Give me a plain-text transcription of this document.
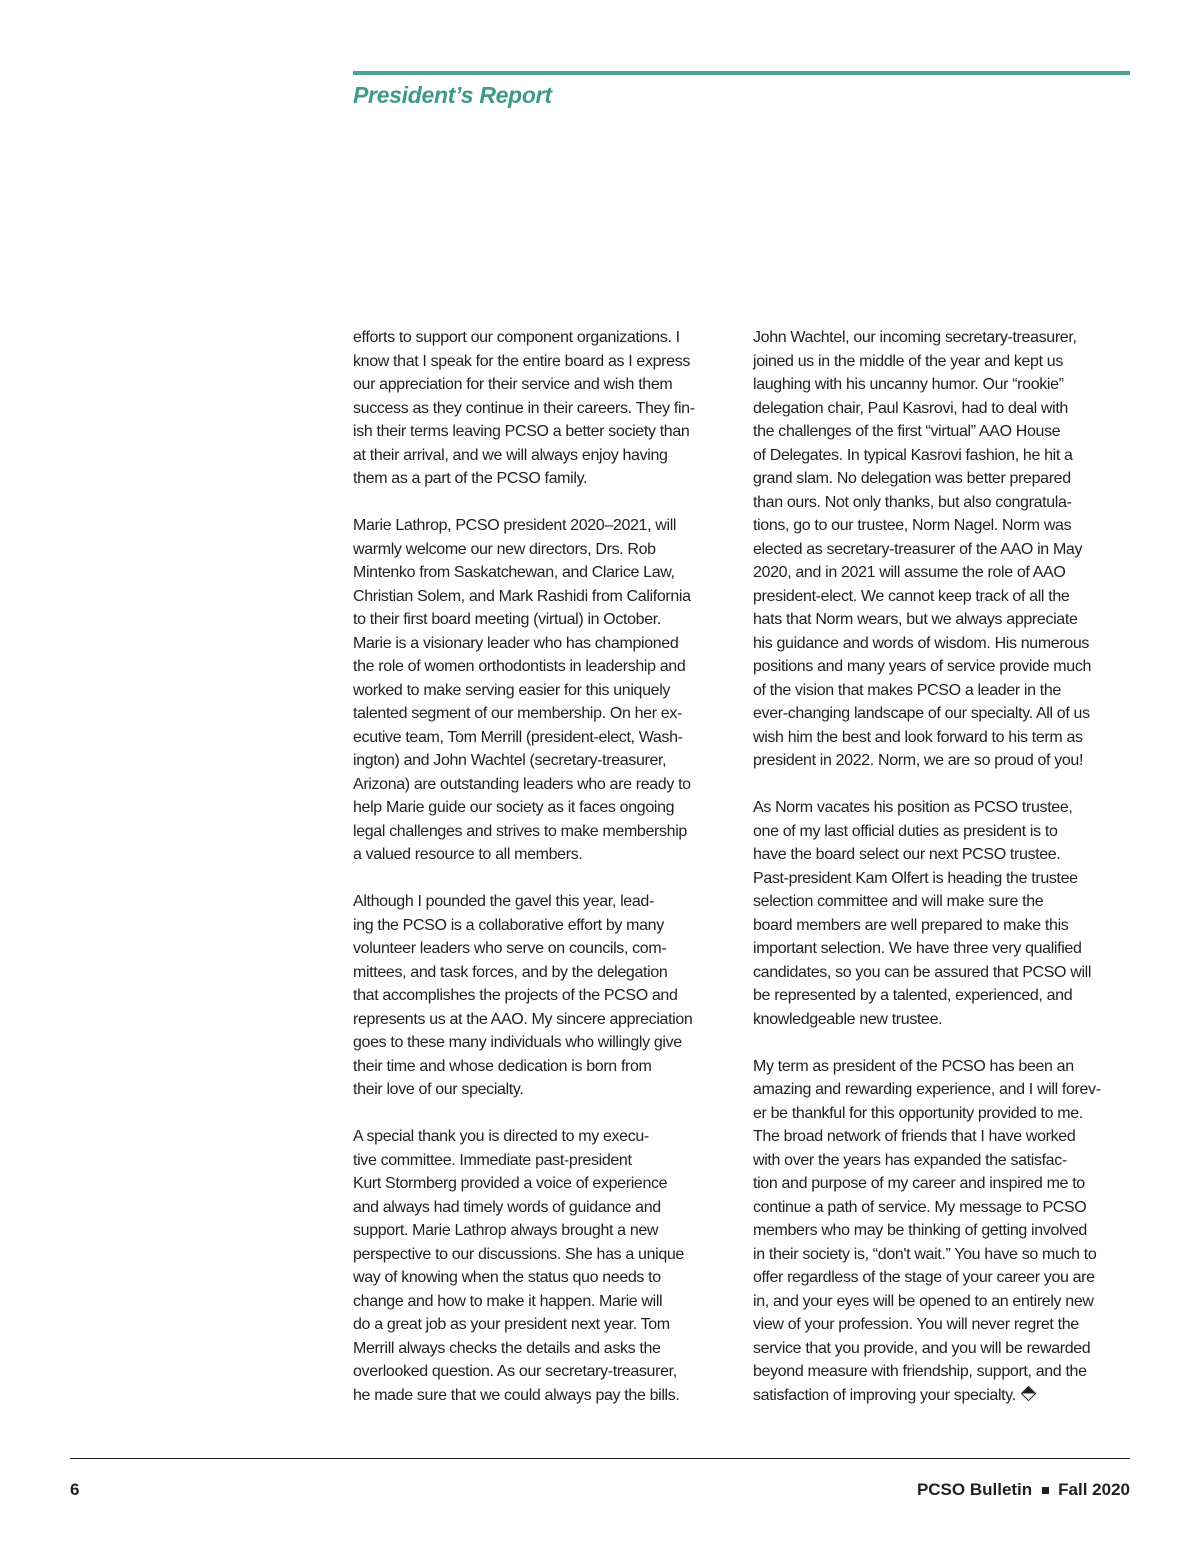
President’s Report

efforts to support our component organizations. I
know that I speak for the entire board as I express
our appreciation for their service and wish them
success as they continue in their careers. They fin-
ish their terms leaving PCSO a better society than
at their arrival, and we will always enjoy having
them as a part of the PCSO family.

Marie Lathrop, PCSO president 2020–2021, will
warmly welcome our new directors, Drs. Rob
Mintenko from Saskatchewan, and Clarice Law,
Christian Solem, and Mark Rashidi from California
to their first board meeting (virtual) in October.
Marie is a visionary leader who has championed
the role of women orthodontists in leadership and
worked to make serving easier for this uniquely
talented segment of our membership. On her ex-
ecutive team, Tom Merrill (president-elect, Wash-
ington) and John Wachtel (secretary-treasurer,
Arizona) are outstanding leaders who are ready to
help Marie guide our society as it faces ongoing
legal challenges and strives to make membership
a valued resource to all members.

Although I pounded the gavel this year, lead-
ing the PCSO is a collaborative effort by many
volunteer leaders who serve on councils, com-
mittees, and task forces, and by the delegation
that accomplishes the projects of the PCSO and
represents us at the AAO. My sincere appreciation
goes to these many individuals who willingly give
their time and whose dedication is born from
their love of our specialty.

A special thank you is directed to my execu-
tive committee. Immediate past-president
Kurt Stormberg provided a voice of experience
and always had timely words of guidance and
support. Marie Lathrop always brought a new
perspective to our discussions. She has a unique
way of knowing when the status quo needs to
change and how to make it happen. Marie will
do a great job as your president next year. Tom
Merrill always checks the details and asks the
overlooked question. As our secretary-treasurer,
he made sure that we could always pay the bills.

John Wachtel, our incoming secretary-treasurer,
joined us in the middle of the year and kept us
laughing with his uncanny humor. Our “rookie”
delegation chair, Paul Kasrovi, had to deal with
the challenges of the first “virtual” AAO House
of Delegates. In typical Kasrovi fashion, he hit a
grand slam. No delegation was better prepared
than ours. Not only thanks, but also congratula-
tions, go to our trustee, Norm Nagel. Norm was
elected as secretary-treasurer of the AAO in May
2020, and in 2021 will assume the role of AAO
president-elect. We cannot keep track of all the
hats that Norm wears, but we always appreciate
his guidance and words of wisdom. His numerous
positions and many years of service provide much
of the vision that makes PCSO a leader in the
ever-changing landscape of our specialty. All of us
wish him the best and look forward to his term as
president in 2022. Norm, we are so proud of you!

As Norm vacates his position as PCSO trustee,
one of my last official duties as president is to
have the board select our next PCSO trustee.
Past-president Kam Olfert is heading the trustee
selection committee and will make sure the
board members are well prepared to make this
important selection. We have three very qualified
candidates, so you can be assured that PCSO will
be represented by a talented, experienced, and
knowledgeable new trustee.

My term as president of the PCSO has been an
amazing and rewarding experience, and I will forev-
er be thankful for this opportunity provided to me.
The broad network of friends that I have worked
with over the years has expanded the satisfac-
tion and purpose of my career and inspired me to
continue a path of service. My message to PCSO
members who may be thinking of getting involved
in their society is, “don't wait.” You have so much to
offer regardless of the stage of your career you are
in, and your eyes will be opened to an entirely new
view of your profession. You will never regret the
service that you provide, and you will be rewarded
beyond measure with friendship, support, and the
satisfaction of improving your specialty.

6	PCSO Bulletin Fall 2020
